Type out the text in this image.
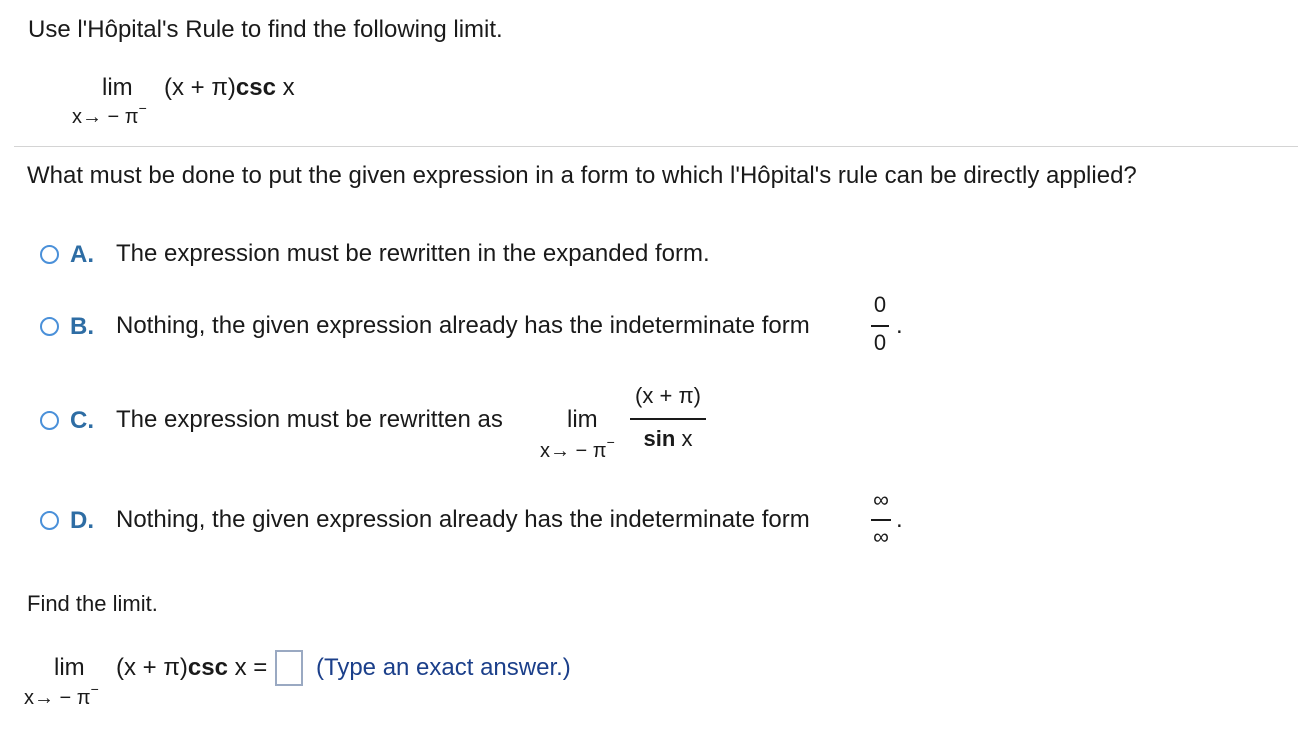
Use l'Hôpital's Rule to find the following limit.
lim (x + π)csc x
x→ − π−
What must be done to put the given expression in a form to which l'Hôpital's rule can be directly applied?
A. The expression must be rewritten in the expanded form.
B. Nothing, the given expression already has the indeterminate form
0
0
.
C. The expression must be rewritten as	lim
x→ − π−
(x + π)
sin x
D. Nothing, the given expression already has the indeterminate form
∞
∞
.
Find the limit.
lim (x + π)csc x =
x→ − π−
(Type an exact answer.)
